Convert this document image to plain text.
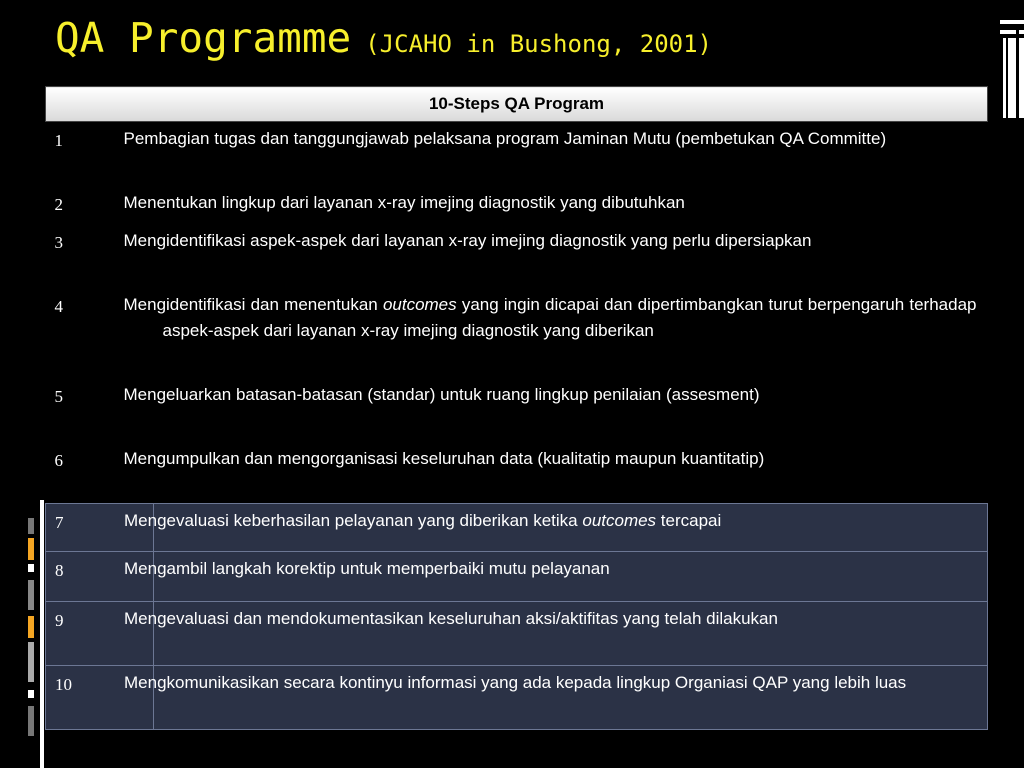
QA Programme (JCAHO in Bushong, 2001)
10-Steps QA Program	
1	Pembagian tugas dan tanggungjawab pelaksana program Jaminan Mutu (pembetukan QA Committe)
2	Menentukan lingkup dari layanan x-ray imejing diagnostik yang dibutuhkan
3	Mengidentifikasi aspek-aspek dari layanan x-ray imejing diagnostik yang perlu dipersiapkan
4	Mengidentifikasi dan menentukan outcomes yang ingin dicapai dan dipertimbangkan turut berpengaruh terhadap aspek-aspek dari layanan x-ray imejing diagnostik yang diberikan
5	Mengeluarkan batasan-batasan (standar) untuk ruang lingkup penilaian (assesment)
6	Mengumpulkan dan mengorganisasi keseluruhan data (kualitatip maupun kuantitatip)
7	Mengevaluasi keberhasilan pelayanan yang diberikan ketika outcomes tercapai
8	Mengambil langkah korektip untuk memperbaiki mutu pelayanan
9	Mengevaluasi dan mendokumentasikan keseluruhan aksi/aktifitas yang telah dilakukan
10	Mengkomunikasikan secara kontinyu informasi yang ada kepada lingkup Organiasi QAP yang lebih luas
